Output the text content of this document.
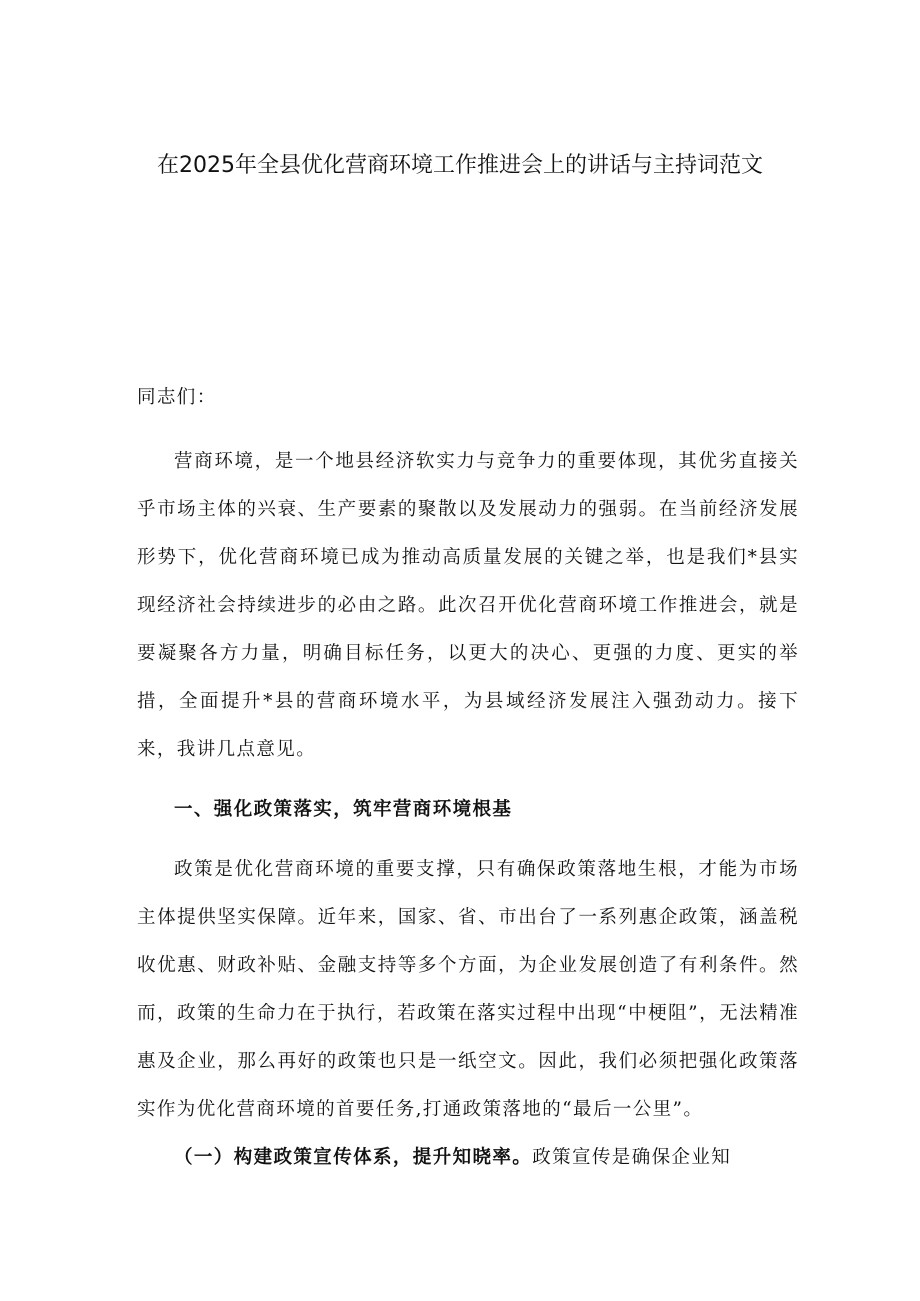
在2025年全县优化营商环境工作推进会上的讲话与主持词范文

同志们：

营商环境，是一个地县经济软实力与竞争力的重要体现，其优劣直接关乎市场主体的兴衰、生产要素的聚散以及发展动力的强弱。在当前经济发展形势下，优化营商环境已成为推动高质量发展的关键之举，也是我们*县实现经济社会持续进步的必由之路。此次召开优化营商环境工作推进会，就是要凝聚各方力量，明确目标任务，以更大的决心、更强的力度、更实的举措，全面提升*县的营商环境水平，为县域经济发展注入强劲动力。接下来，我讲几点意见。

一、强化政策落实，筑牢营商环境根基

政策是优化营商环境的重要支撑，只有确保政策落地生根，才能为市场主体提供坚实保障。近年来，国家、省、市出台了一系列惠企政策，涵盖税收优惠、财政补贴、金融支持等多个方面，为企业发展创造了有利条件。然而，政策的生命力在于执行，若政策在落实过程中出现“中梗阻”，无法精准惠及企业，那么再好的政策也只是一纸空文。因此，我们必须把强化政策落实作为优化营商环境的首要任务,打通政策落地的“最后一公里”。

（一）构建政策宣传体系，提升知晓率。政策宣传是确保企业知
